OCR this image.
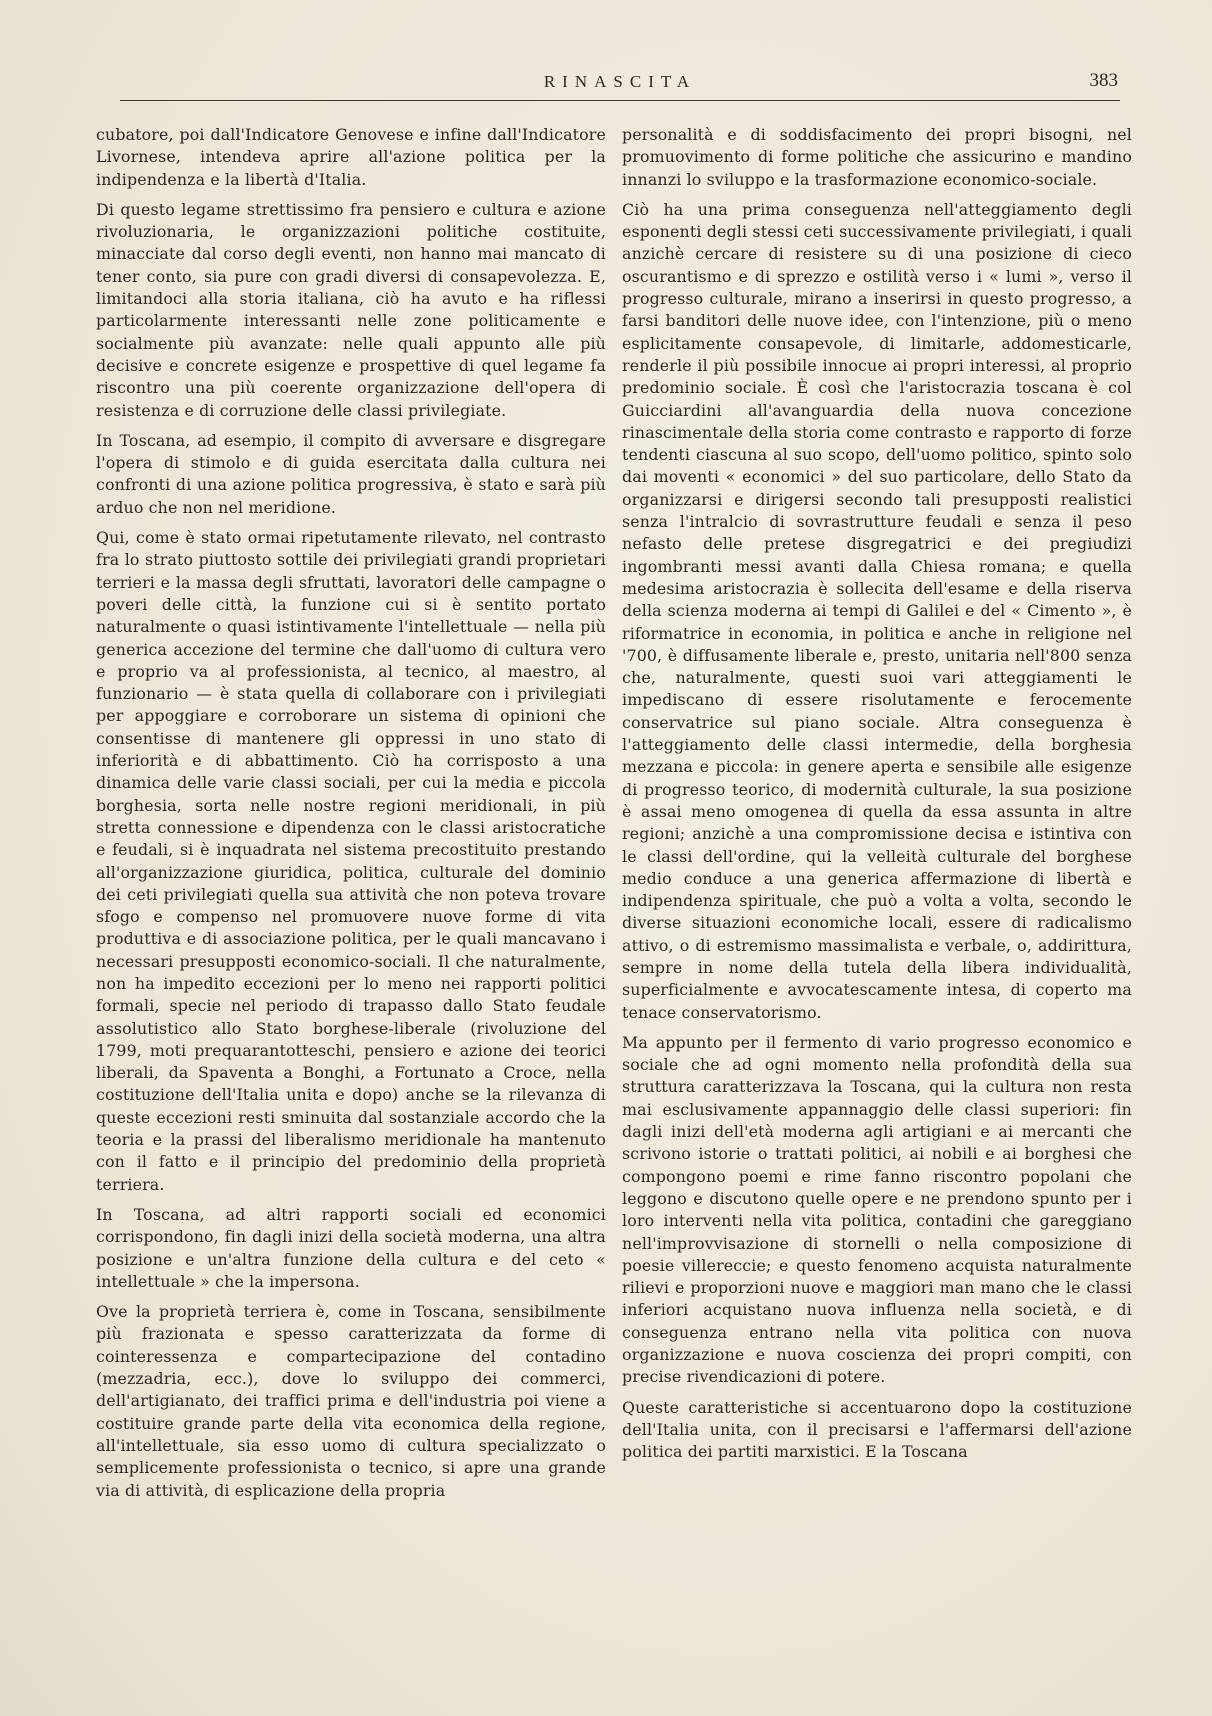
RINASCITA	383

cubatore, poi dall'Indicatore Genovese e infine dall'Indicatore Livornese, intendeva aprire all'azione politica per la indipendenza e la libertà d'Italia.

Di questo legame strettissimo fra pensiero e cultura e azione rivoluzionaria, le organizzazioni politiche costituite, minacciate dal corso degli eventi, non hanno mai mancato di tener conto, sia pure con gradi diversi di consapevolezza. E, limitandoci alla storia italiana, ciò ha avuto e ha riflessi particolarmente interessanti nelle zone politicamente e socialmente più avanzate: nelle quali appunto alle più decisive e concrete esigenze e prospettive di quel legame fa riscontro una più coerente organizzazione dell'opera di resistenza e di corruzione delle classi privilegiate.

In Toscana, ad esempio, il compito di avversare e disgregare l'opera di stimolo e di guida esercitata dalla cultura nei confronti di una azione politica progressiva, è stato e sarà più arduo che non nel meridione.

Qui, come è stato ormai ripetutamente rilevato, nel contrasto fra lo strato piuttosto sottile dei privilegiati grandi proprietari terrieri e la massa degli sfruttati, lavoratori delle campagne o poveri delle città, la funzione cui si è sentito portato naturalmente o quasi istintivamente l'intellettuale — nella più generica accezione del termine che dall'uomo di cultura vero e proprio va al professionista, al tecnico, al maestro, al funzionario — è stata quella di collaborare con i privilegiati per appoggiare e corroborare un sistema di opinioni che consentisse di mantenere gli oppressi in uno stato di inferiorità e di abbattimento. Ciò ha corrisposto a una dinamica delle varie classi sociali, per cui la media e piccola borghesia, sorta nelle nostre regioni meridionali, in più stretta connessione e dipendenza con le classi aristocratiche e feudali, si è inquadrata nel sistema precostituito prestando all'organizzazione giuridica, politica, culturale del dominio dei ceti privilegiati quella sua attività che non poteva trovare sfogo e compenso nel promuovere nuove forme di vita produttiva e di associazione politica, per le quali mancavano i necessari presupposti economico-sociali. Il che naturalmente, non ha impedito eccezioni per lo meno nei rapporti politici formali, specie nel periodo di trapasso dallo Stato feudale assolutistico allo Stato borghese-liberale (rivoluzione del 1799, moti prequarantotteschi, pensiero e azione dei teorici liberali, da Spaventa a Bonghi, a Fortunato a Croce, nella costituzione dell'Italia unita e dopo) anche se la rilevanza di queste eccezioni resti sminuita dal sostanziale accordo che la teoria e la prassi del liberalismo meridionale ha mantenuto con il fatto e il principio del predominio della proprietà terriera.

In Toscana, ad altri rapporti sociali ed economici corrispondono, fin dagli inizi della società moderna, una altra posizione e un'altra funzione della cultura e del ceto « intellettuale » che la impersona.

Ove la proprietà terriera è, come in Toscana, sensibilmente più frazionata e spesso caratterizzata da forme di cointeressenza e compartecipazione del contadino (mezzadria, ecc.), dove lo sviluppo dei commerci, dell'artigianato, dei traffici prima e dell'industria poi viene a costituire grande parte della vita economica della regione, all'intellettuale, sia esso uomo di cultura specializzato o semplicemente professionista o tecnico, si apre una grande via di attività, di esplicazione della propria

personalità e di soddisfacimento dei propri bisogni, nel promuovimento di forme politiche che assicurino e mandino innanzi lo sviluppo e la trasformazione economico-sociale.

Ciò ha una prima conseguenza nell'atteggiamento degli esponenti degli stessi ceti successivamente privilegiati, i quali anzichè cercare di resistere su di una posizione di cieco oscurantismo e di sprezzo e ostilità verso i « lumi », verso il progresso culturale, mirano a inserirsi in questo progresso, a farsi banditori delle nuove idee, con l'intenzione, più o meno esplicitamente consapevole, di limitarle, addomesticarle, renderle il più possibile innocue ai propri interessi, al proprio predominio sociale. È così che l'aristocrazia toscana è col Guicciardini all'avanguardia della nuova concezione rinascimentale della storia come contrasto e rapporto di forze tendenti ciascuna al suo scopo, dell'uomo politico, spinto solo dai moventi « economici » del suo particolare, dello Stato da organizzarsi e dirigersi secondo tali presupposti realistici senza l'intralcio di sovrastrutture feudali e senza il peso nefasto delle pretese disgregatrici e dei pregiudizi ingombranti messi avanti dalla Chiesa romana; e quella medesima aristocrazia è sollecita dell'esame e della riserva della scienza moderna ai tempi di Galilei e del « Cimento », è riformatrice in economia, in politica e anche in religione nel '700, è diffusamente liberale e, presto, unitaria nell'800 senza che, naturalmente, questi suoi vari atteggiamenti le impediscano di essere risolutamente e ferocemente conservatrice sul piano sociale. Altra conseguenza è l'atteggiamento delle classi intermedie, della borghesia mezzana e piccola: in genere aperta e sensibile alle esigenze di progresso teorico, di modernità culturale, la sua posizione è assai meno omogenea di quella da essa assunta in altre regioni; anzichè a una compromissione decisa e istintiva con le classi dell'ordine, qui la velleità culturale del borghese medio conduce a una generica affermazione di libertà e indipendenza spirituale, che può a volta a volta, secondo le diverse situazioni economiche locali, essere di radicalismo attivo, o di estremismo massimalista e verbale, o, addirittura, sempre in nome della tutela della libera individualità, superficialmente e avvocatescamente intesa, di coperto ma tenace conservatorismo.

Ma appunto per il fermento di vario progresso economico e sociale che ad ogni momento nella profondità della sua struttura caratterizzava la Toscana, qui la cultura non resta mai esclusivamente appannaggio delle classi superiori: fin dagli inizi dell'età moderna agli artigiani e ai mercanti che scrivono istorie o trattati politici, ai nobili e ai borghesi che compongono poemi e rime fanno riscontro popolani che leggono e discutono quelle opere e ne prendono spunto per i loro interventi nella vita politica, contadini che gareggiano nell'improvvisazione di stornelli o nella composizione di poesie villereccie; e questo fenomeno acquista naturalmente rilievi e proporzioni nuove e maggiori man mano che le classi inferiori acquistano nuova influenza nella società, e di conseguenza entrano nella vita politica con nuova organizzazione e nuova coscienza dei propri compiti, con precise rivendicazioni di potere.

Queste caratteristiche si accentuarono dopo la costituzione dell'Italia unita, con il precisarsi e l'affermarsi dell'azione politica dei partiti marxistici. E la Toscana
